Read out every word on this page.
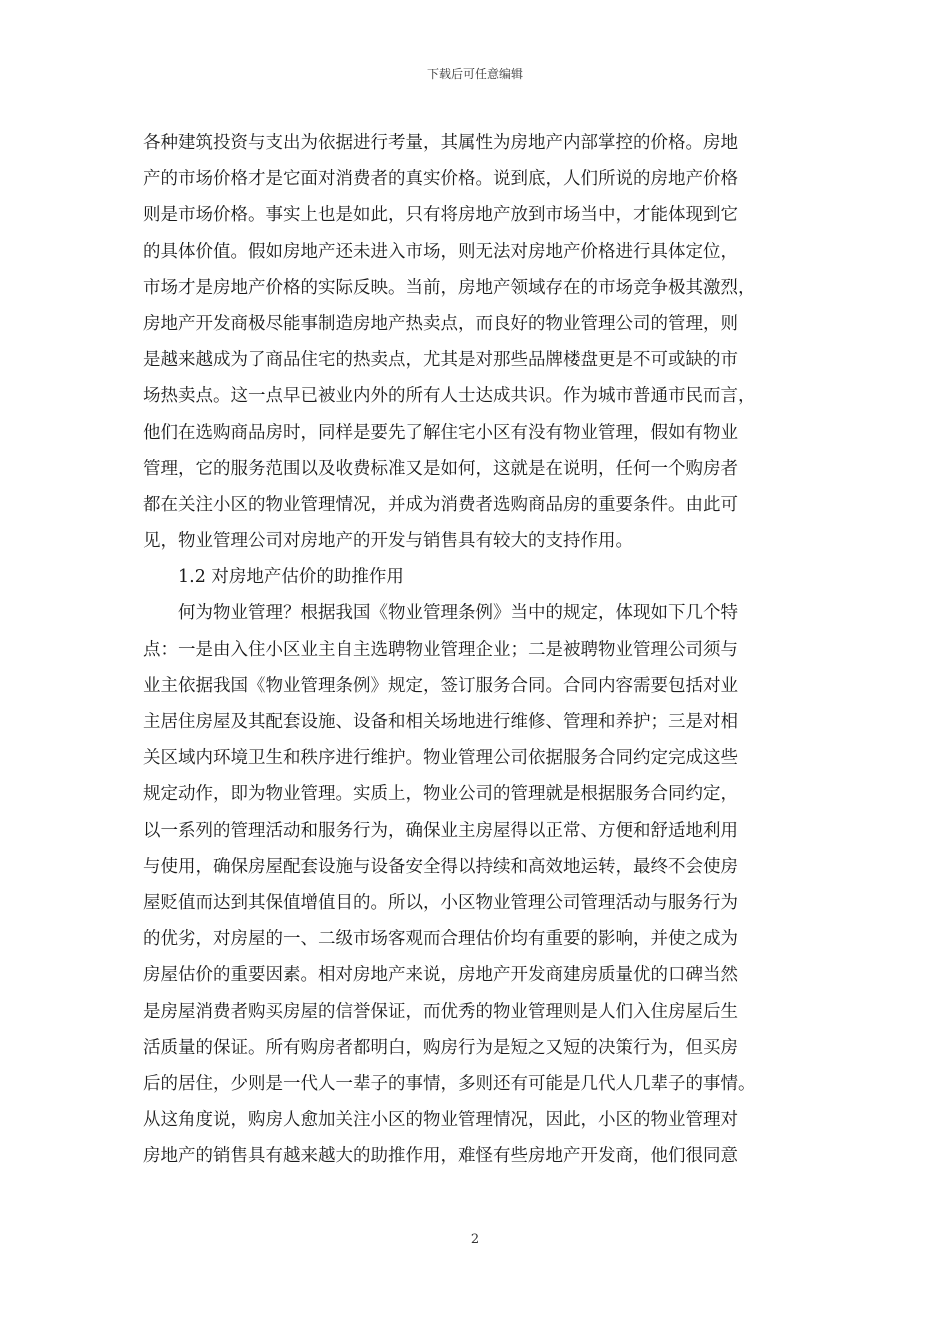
下载后可任意编辑
各种建筑投资与支出为依据进行考量，其属性为房地产内部掌控的价格。房地
产的市场价格才是它面对消费者的真实价格。说到底，人们所说的房地产价格
则是市场价格。事实上也是如此，只有将房地产放到市场当中，才能体现到它
的具体价值。假如房地产还未进入市场，则无法对房地产价格进行具体定位，
市场才是房地产价格的实际反映。当前，房地产领域存在的市场竞争极其激烈，
房地产开发商极尽能事制造房地产热卖点，而良好的物业管理公司的管理，则
是越来越成为了商品住宅的热卖点，尤其是对那些品牌楼盘更是不可或缺的市
场热卖点。这一点早已被业内外的所有人士达成共识。作为城市普通市民而言，
他们在选购商品房时，同样是要先了解住宅小区有没有物业管理，假如有物业
管理，它的服务范围以及收费标准又是如何，这就是在说明，任何一个购房者
都在关注小区的物业管理情况，并成为消费者选购商品房的重要条件。由此可
见，物业管理公司对房地产的开发与销售具有较大的支持作用。
1.2 对房地产估价的助推作用
何为物业管理？根据我国《物业管理条例》当中的规定，体现如下几个特
点：一是由入住小区业主自主选聘物业管理企业；二是被聘物业管理公司须与
业主依据我国《物业管理条例》规定，签订服务合同。合同内容需要包括对业
主居住房屋及其配套设施、设备和相关场地进行维修、管理和养护；三是对相
关区域内环境卫生和秩序进行维护。物业管理公司依据服务合同约定完成这些
规定动作，即为物业管理。实质上，物业公司的管理就是根据服务合同约定，
以一系列的管理活动和服务行为，确保业主房屋得以正常、方便和舒适地利用
与使用，确保房屋配套设施与设备安全得以持续和高效地运转，最终不会使房
屋贬值而达到其保值增值目的。所以，小区物业管理公司管理活动与服务行为
的优劣，对房屋的一、二级市场客观而合理估价均有重要的影响，并使之成为
房屋估价的重要因素。相对房地产来说，房地产开发商建房质量优的口碑当然
是房屋消费者购买房屋的信誉保证，而优秀的物业管理则是人们入住房屋后生
活质量的保证。所有购房者都明白，购房行为是短之又短的决策行为，但买房
后的居住，少则是一代人一辈子的事情，多则还有可能是几代人几辈子的事情。
从这角度说，购房人愈加关注小区的物业管理情况，因此，小区的物业管理对
房地产的销售具有越来越大的助推作用，难怪有些房地产开发商，他们很同意
2
